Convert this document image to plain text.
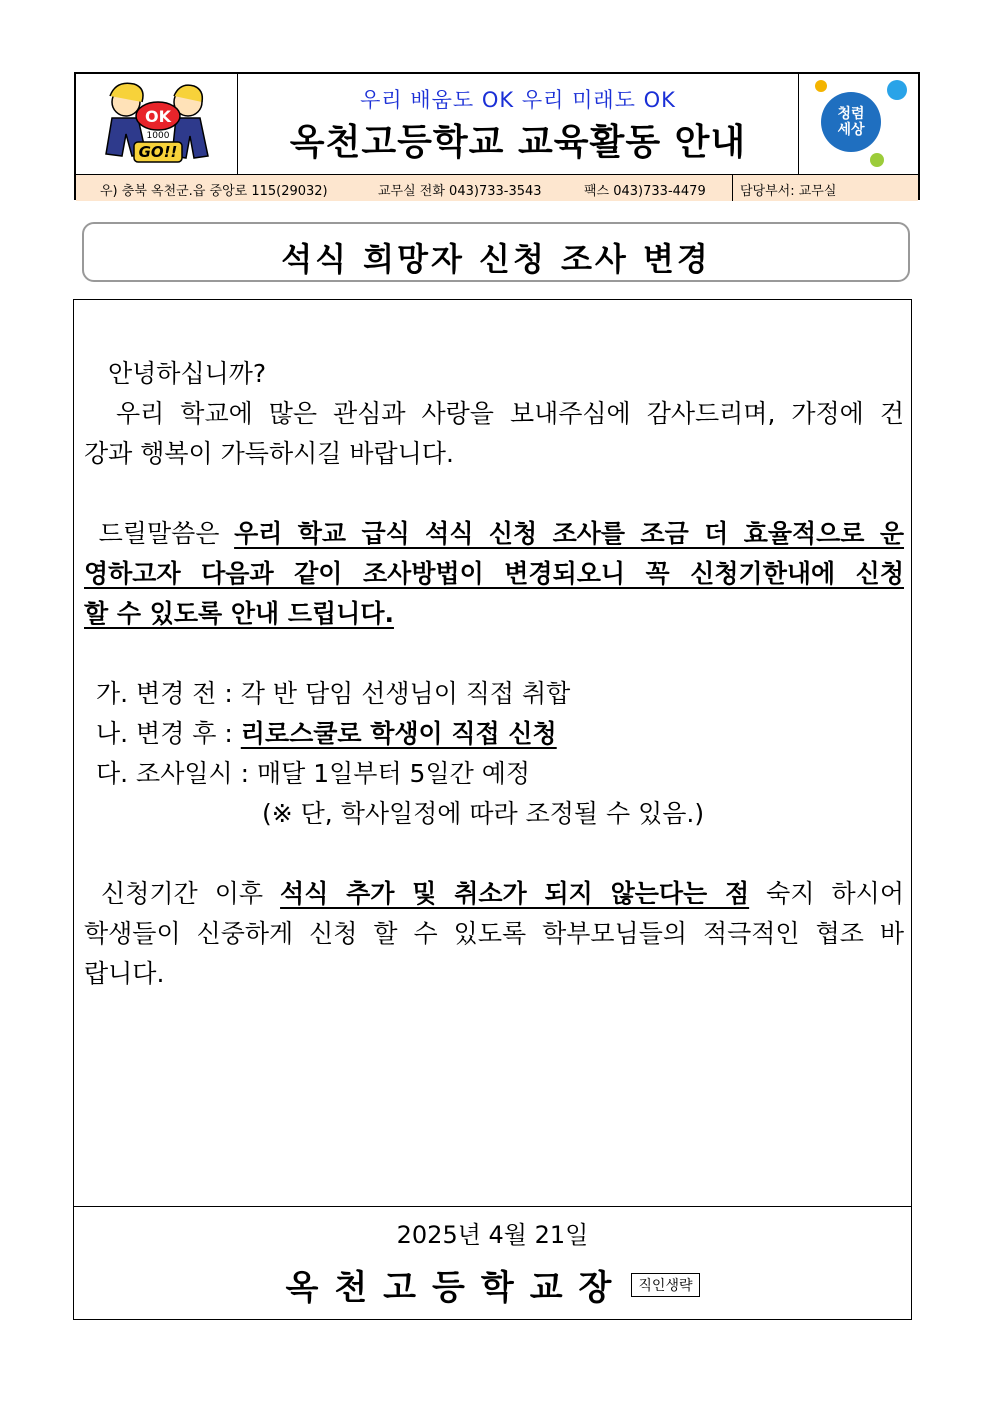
OK
1000
GO!!
우리 배움도 OK 우리 미래도 OK
옥천고등학교 교육활동 안내
청렴
세상
우) 충북 옥천군.읍 중앙로 115(29032)	교무실 전화 043)733-3543	팩스 043)733-4479	담당부서: 교무실
석식 희망자 신청 조사 변경
안녕하십니까?
우리 학교에 많은 관심과 사랑을 보내주심에 감사드리며, 가정에 건
강과 행복이 가득하시길 바랍니다.
드릴말씀은 우리 학교 급식 석식 신청 조사를 조금 더 효율적으로 운
영하고자 다음과 같이 조사방법이 변경되오니 꼭 신청기한내에 신청
할 수 있도록 안내 드립니다.
가. 변경 전 : 각 반 담임 선생님이 직접 취합
나. 변경 후 : 리로스쿨로 학생이 직접 신청
다. 조사일시 : 매달 1일부터 5일간 예정
(※ 단, 학사일정에 따라 조정될 수 있음.)
신청기간 이후 석식 추가 및 취소가 되지 않는다는 점 숙지 하시어
학생들이 신중하게 신청 할 수 있도록 학부모님들의 적극적인 협조 바
랍니다.
2025년 4월 21일
옥천고등학교장 직인생략
